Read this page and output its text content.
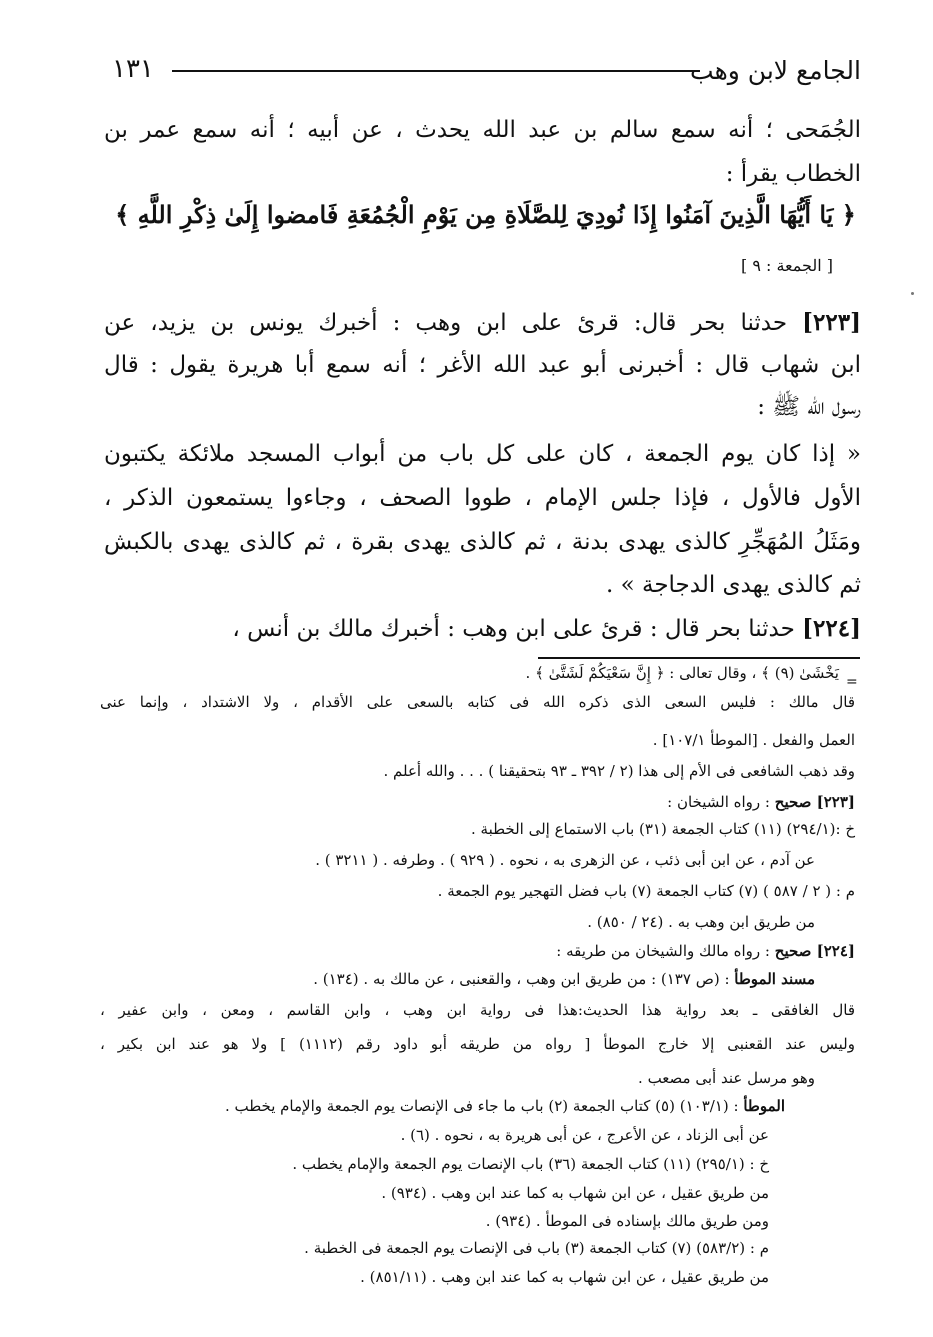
الجامع لابن وهب
١٣١
الجُمَحى ؛ أنه سمع سالم بن عبد الله يحدث ، عن أبيه ؛ أنه سمع عمر بن
الخطاب يقرأ :
﴿ يَا أَيُّهَا الَّذِينَ آمَنُوا إِذَا نُودِيَ لِلصَّلَاةِ مِن يَوْمِ الْجُمُعَةِ فَامضوا إِلَىٰ ذِكْرِ اللَّهِ ﴾
[ الجمعة : ٩ ]
[٢٢٣] حدثنا بحر قال: قرئ على ابن وهب : أخبرك يونس بن يزيد، عن
ابن شهاب قال : أخبرنى أبو عبد الله الأغر ؛ أنه سمع أبا هريرة يقول : قال
رسول الله ﷺ :
« إذا كان يوم الجمعة ، كان على كل باب من أبواب المسجد ملائكة يكتبون
الأول فالأول ، فإذا جلس الإمام ، طووا الصحف ، وجاءوا يستمعون الذكر ،
ومَثَلُ المُهَجِّرِ كالذى يهدى بدنة ، ثم كالذى يهدى بقرة ، ثم كالذى يهدى بالكبش
ثم كالذى يهدى الدجاجة » .
[٢٢٤] حدثنا بحر قال : قرئ على ابن وهب : أخبرك مالك بن أنس ،
=
يَخْشَىٰ (٩) ﴾ ، وقال تعالى : ﴿ إِنَّ سَعْيَكُمْ لَشَتَّىٰ ﴾ .
قال مالك : فليس السعى الذى ذكره الله فى كتابه بالسعى على الأقدام ، ولا الاشتداد ، وإنما عنى
العمل والفعل . [الموطأ ١٠٧/١] .
وقد ذهب الشافعى فى الأم إلى هذا (٢ / ٣٩٢ ـ ٩٣ بتحقيقنا ) . . . والله أعلم .
[٢٢٣] صحيح : رواه الشيخان :
خ :(٢٩٤/١) (١١) كتاب الجمعة (٣١) باب الاستماع إلى الخطبة .
عن آدم ، عن ابن أبى ذئب ، عن الزهرى به ، نحوه . ( ٩٢٩ ) . وطرفه . ( ٣٢١١ ) .
م : ( ٢ / ٥٨٧ ) (٧) كتاب الجمعة (٧) باب فضل التهجير يوم الجمعة .
من طريق ابن وهب به . (٢٤ / ٨٥٠) .
[٢٢٤] صحيح : رواه مالك والشيخان من طريقه :
مسند الموطأ : (ص ١٣٧) : من طريق ابن وهب ، والقعنبى ، عن مالك به . (١٣٤) .
قال الغافقى ـ بعد رواية هذا الحديث:هذا فى رواية ابن وهب ، وابن القاسم ، ومعن ، وابن عفير ،
وليس عند القعنبى إلا خارج الموطأ [ رواه من طريقه أبو داود رقم (١١١٢) ] ولا هو عند ابن بكير ،
وهو مرسل عند أبى مصعب .
الموطأ : (١٠٣/١) (٥) كتاب الجمعة (٢) باب ما جاء فى الإنصات يوم الجمعة والإمام يخطب .
عن أبى الزناد ، عن الأعرج ، عن أبى هريرة به ، نحوه . (٦) .
خ : (٢٩٥/١) (١١) كتاب الجمعة (٣٦) باب الإنصات يوم الجمعة والإمام يخطب .
من طريق عقيل ، عن ابن شهاب به كما عند ابن وهب . (٩٣٤) .
ومن طريق مالك بإسناده فى الموطأ . (٩٣٤) .
م : (٥٨٣/٢) (٧) كتاب الجمعة (٣) باب فى الإنصات يوم الجمعة فى الخطبة .
من طريق عقيل ، عن ابن شهاب به كما عند ابن وهب . (٨٥١/١١) .
